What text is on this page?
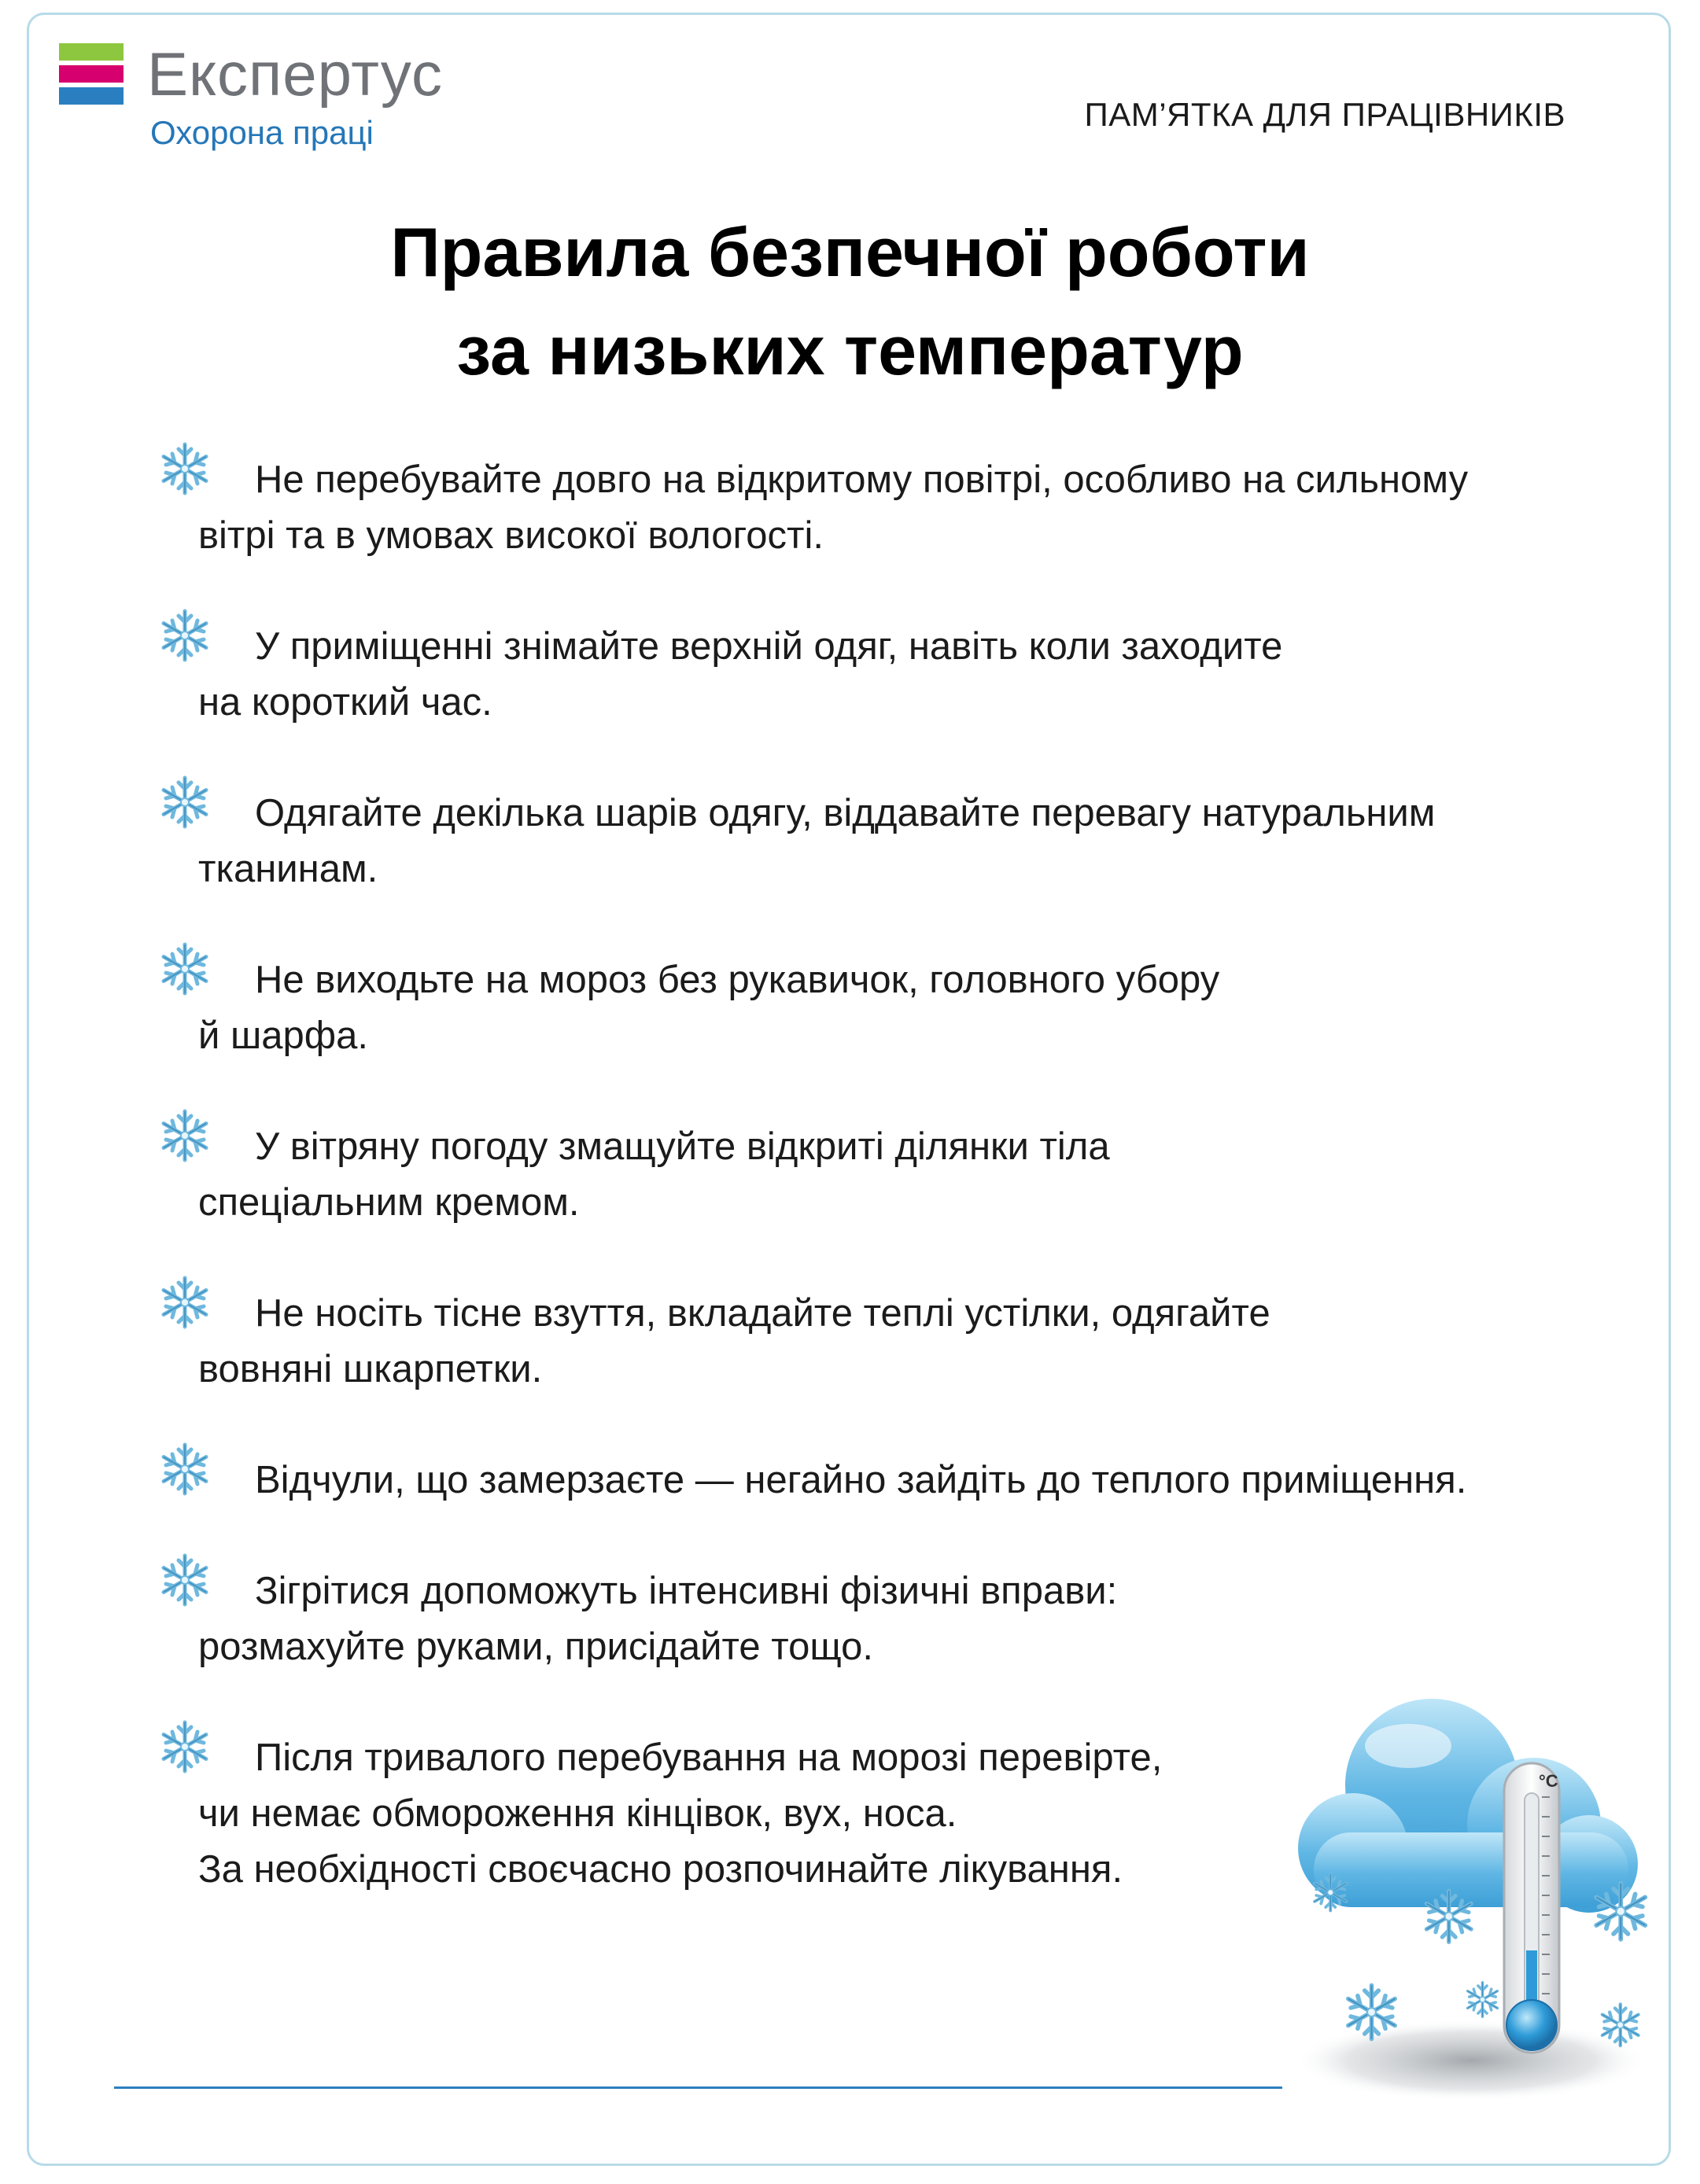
Експертус
Охорона праці	ПАМ’ЯТКА ДЛЯ ПРАЦІВНИКІВ
Правила безпечної роботи
за низьких температур
Не перебувайте довго на відкритому повітрі, особливо на сильному
вітрі та в умовах високої вологості.
У приміщенні знімайте верхній одяг, навіть коли заходите
на короткий час.
Одягайте декілька шарів одягу, віддавайте перевагу натуральним
тканинам.
Не виходьте на мороз без рукавичок, головного убору
й шарфа.
У вітряну погоду змащуйте відкриті ділянки тіла
спеціальним кремом.
Не носіть тісне взуття, вкладайте теплі устілки, одягайте
вовняні шкарпетки.
Відчули, що замерзаєте — негайно зайдіть до теплого приміщення.
Зігрітися допоможуть інтенсивні фізичні вправи:
розмахуйте руками, присідайте тощо.
Після тривалого перебування на морозі перевірте,
чи немає обмороження кінцівок, вух, носа.
За необхідності своєчасно розпочинайте лікування.
°C
